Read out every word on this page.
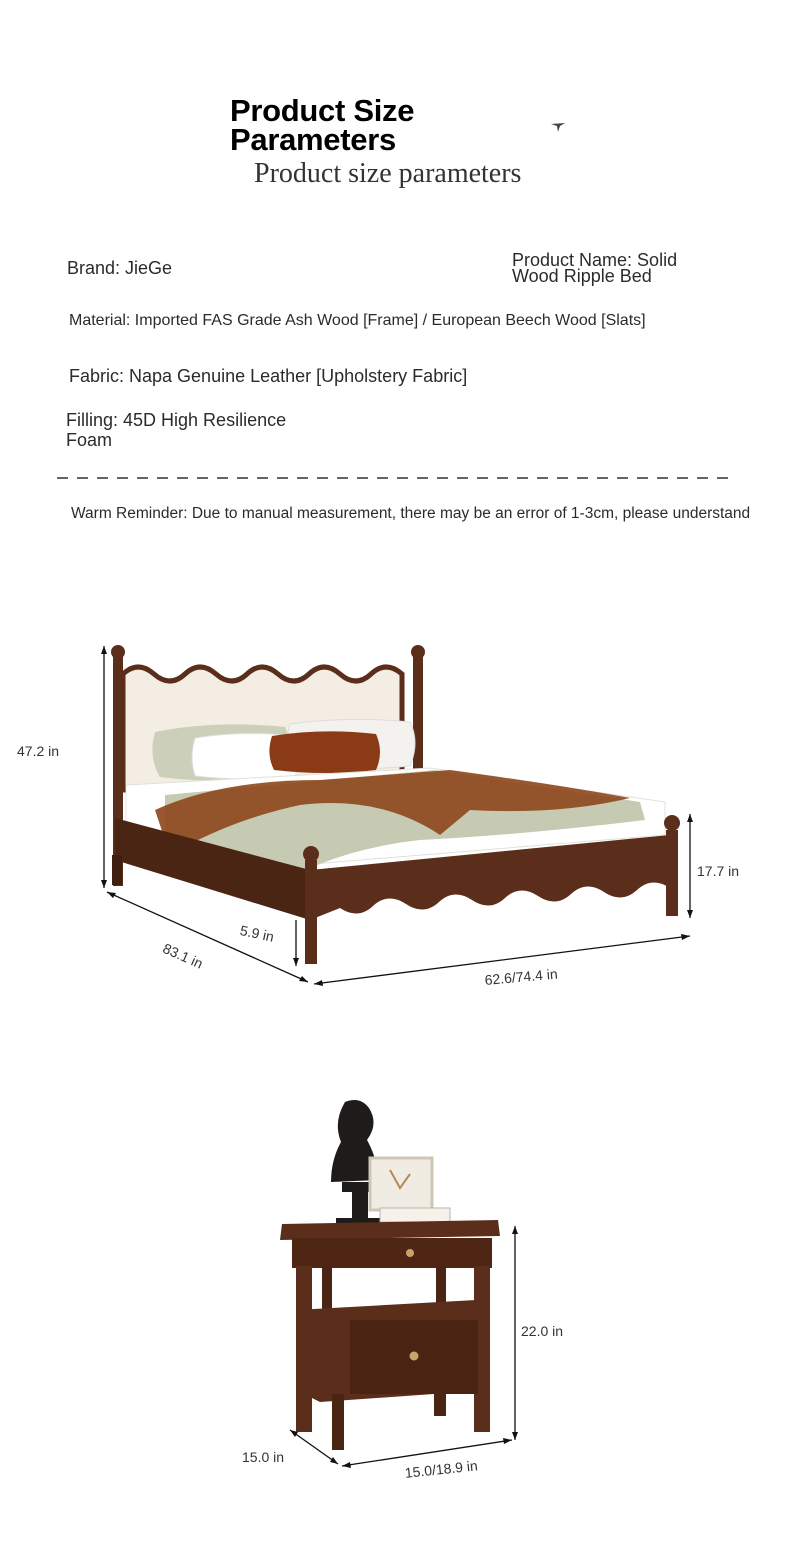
Product Size
Parameters
Product size parameters
Brand: JieGe	Product Name: Solid
Wood Ripple Bed
Material: Imported FAS Grade Ash Wood [Frame] / European Beech Wood [Slats]
Fabric: Napa Genuine Leather [Upholstery Fabric]
Filling: 45D High Resilience
Foam
Warm Reminder: Due to manual measurement, there may be an error of 1-3cm, please understand
47.2 in
17.7 in
83.1 in
5.9 in
62.6/74.4 in
22.0 in
15.0 in
15.0/18.9 in
